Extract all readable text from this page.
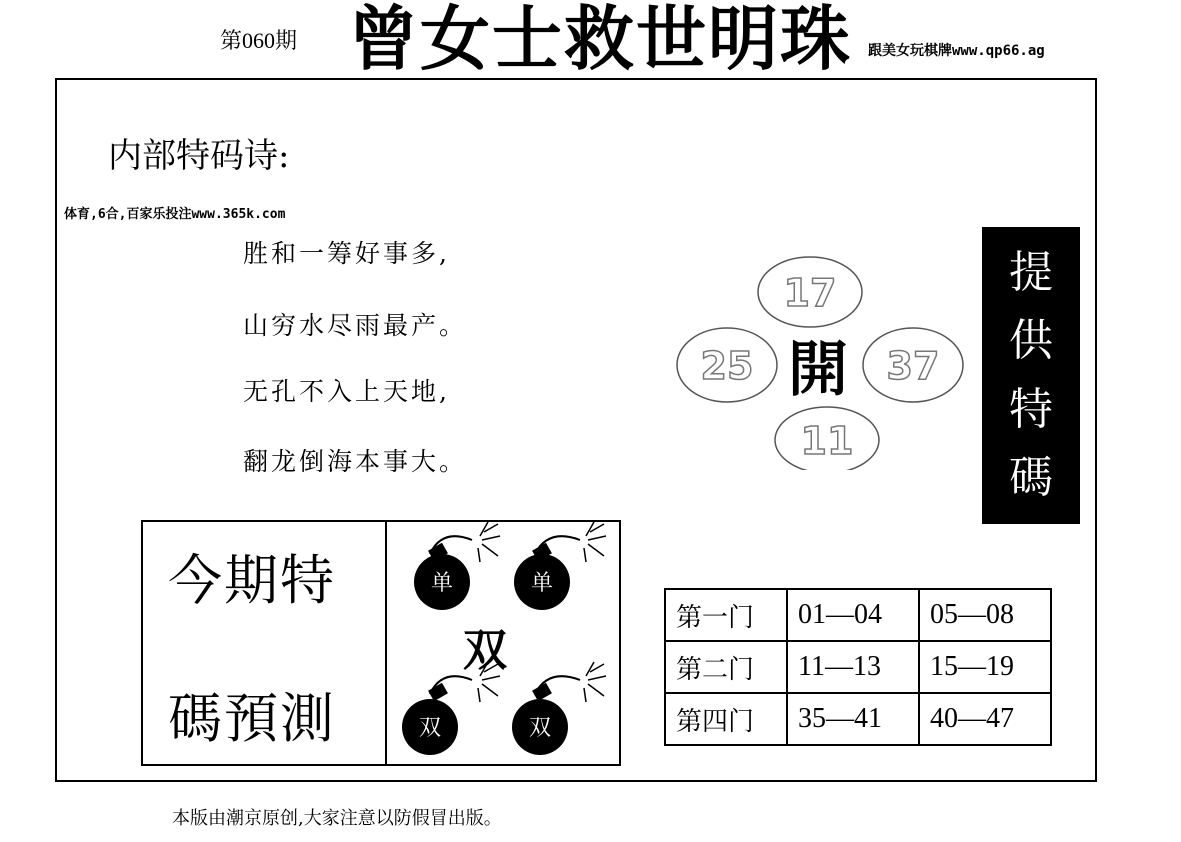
第060期 曾女士救世明珠 跟美女玩棋牌www.qp66.ag
内部特码诗:
体育,6合,百家乐投注www.365k.com
胜和一筹好事多,
山穷水尽雨最产。
无孔不入上天地,
翻龙倒海本事大。
17
25	37
11
開
提
供
特
碼
今期特
碼預測
单	单
双	双
双
第一门	01—04	05—08
第二门	11—13	15—19
第四门	35—41	40—47
本版由潮京原创,大家注意以防假冒出版。
